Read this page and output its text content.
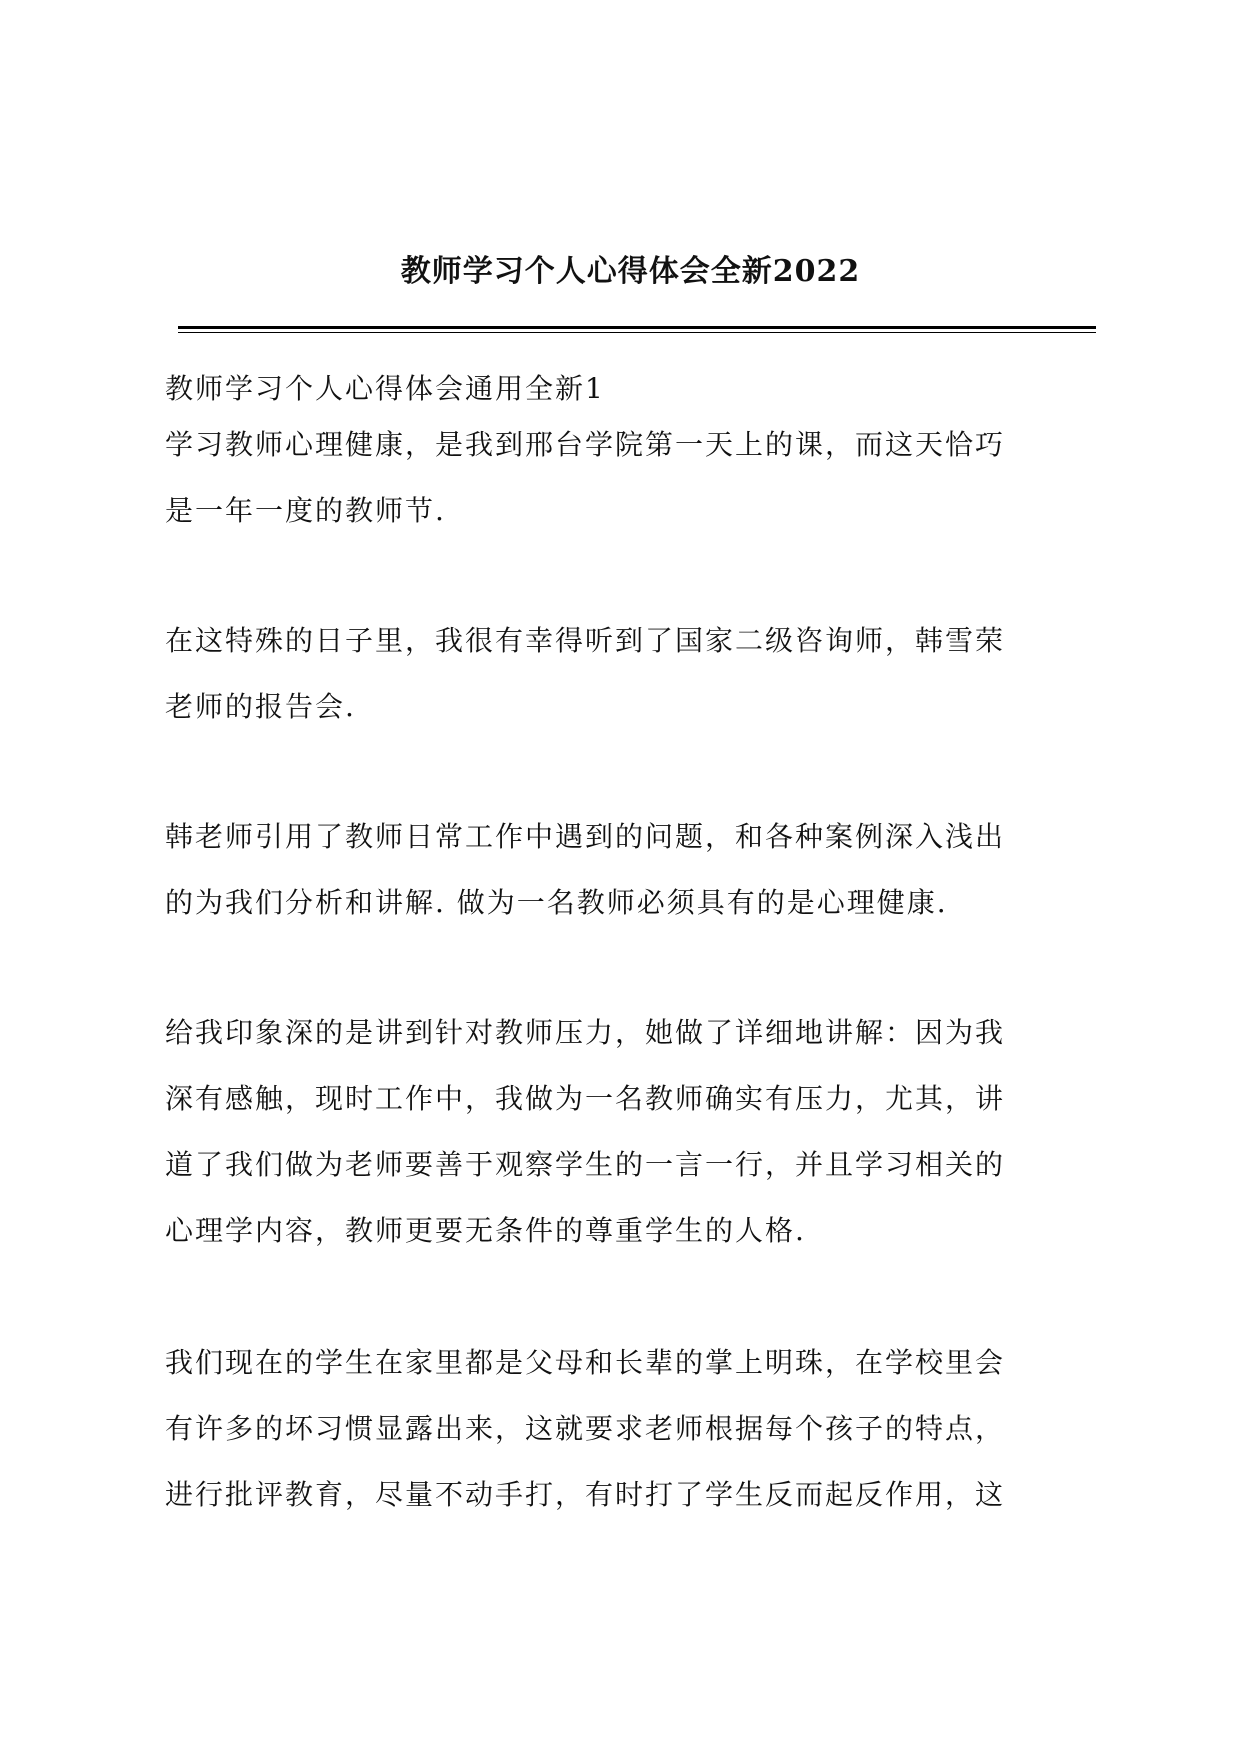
教师学习个人心得体会全新2022
教师学习个人心得体会通用全新1
学习教师心理健康，是我到邢台学院第一天上的课，而这天恰巧
是一年一度的教师节.
在这特殊的日子里，我很有幸得听到了国家二级咨询师，韩雪荣
老师的报告会.
韩老师引用了教师日常工作中遇到的问题，和各种案例深入浅出
的为我们分析和讲解. 做为一名教师必须具有的是心理健康.
给我印象深的是讲到针对教师压力，她做了详细地讲解：因为我
深有感触，现时工作中，我做为一名教师确实有压力，尤其，讲
道了我们做为老师要善于观察学生的一言一行，并且学习相关的
心理学内容，教师更要无条件的尊重学生的人格.
我们现在的学生在家里都是父母和长辈的掌上明珠，在学校里会
有许多的坏习惯显露出来，这就要求老师根据每个孩子的特点，
进行批评教育，尽量不动手打，有时打了学生反而起反作用，这
